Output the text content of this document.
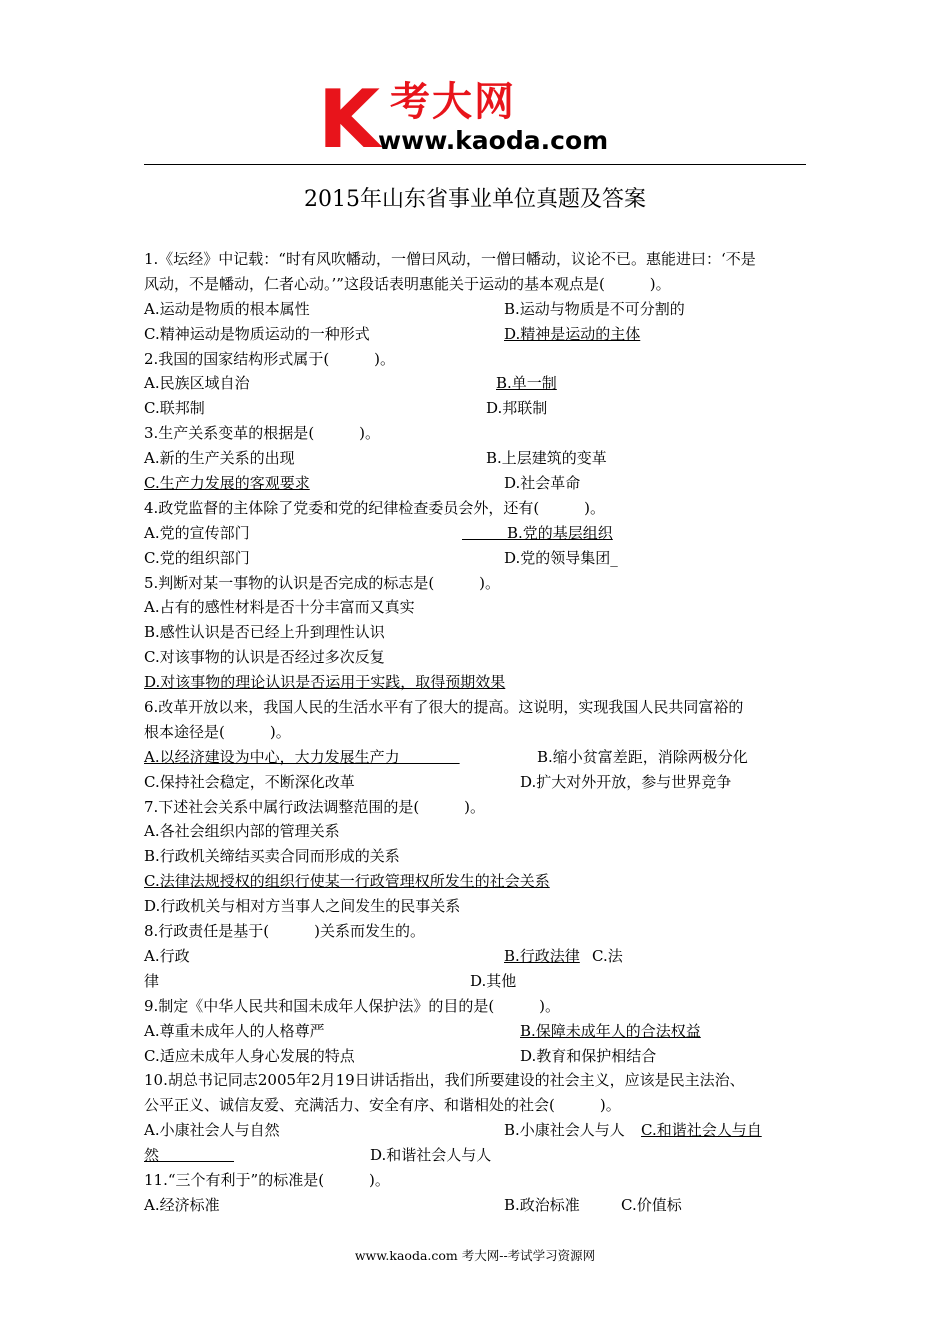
K 考大网
www.kaoda.com
2015年山东省事业单位真题及答案
1.《坛经》中记载：“时有风吹幡动，一僧曰风动，一僧曰幡动，议论不已。惠能进曰：‘不是
风动，不是幡动，仁者心动。’”这段话表明惠能关于运动的基本观点是(　　　)。
A.运动是物质的根本属性	B.运动与物质是不可分割的
C.精神运动是物质运动的一种形式	D.精神是运动的主体
2.我国的国家结构形式属于(　　　)。
A.民族区域自治	B.单一制
C.联邦制	D.邦联制
3.生产关系变革的根据是(　　　)。
A.新的生产关系的出现	B.上层建筑的变革
C.生产力发展的客观要求	D.社会革命
4.政党监督的主体除了党委和党的纪律检查委员会外，还有(　　　)。
A.党的宣传部门	　　　B.党的基层组织
C.党的组织部门	D.党的领导集团_
5.判断对某一事物的认识是否完成的标志是(　　　)。
A.占有的感性材料是否十分丰富而又真实
B.感性认识是否已经上升到理性认识
C.对该事物的认识是否经过多次反复
D.对该事物的理论认识是否运用于实践，取得预期效果
6.改革开放以来，我国人民的生活水平有了很大的提高。这说明，实现我国人民共同富裕的
根本途径是(　　　)。
A.以经济建设为中心，大力发展生产力　　　　	B.缩小贫富差距，消除两极分化
C.保持社会稳定，不断深化改革	D.扩大对外开放，参与世界竞争
7.下述社会关系中属行政法调整范围的是(　　　)。
A.各社会组织内部的管理关系
B.行政机关缔结买卖合同而形成的关系
C.法律法规授权的组织行使某一行政管理权所发生的社会关系
D.行政机关与相对方当事人之间发生的民事关系
8.行政责任是基于(　　　)关系而发生的。
A.行政	B.行政法律 C.法
律	D.其他
9.制定《中华人民共和国未成年人保护法》的目的是(　　　)。
A.尊重未成年人的人格尊严	B.保障未成年人的合法权益
C.适应未成年人身心发展的特点	D.教育和保护相结合
10.胡总书记同志2005年2月19日讲话指出，我们所要建设的社会主义，应该是民主法治、
公平正义、诚信友爱、充满活力、安全有序、和谐相处的社会(　　　)。
A.小康社会人与自然	B.小康社会人与人 C.和谐社会人与自
然　　　　　	D.和谐社会人与人
11.“三个有利于”的标准是(　　　)。
A.经济标准	B.政治标准	C.价值标
www.kaoda.com 考大网--考试学习资源网
